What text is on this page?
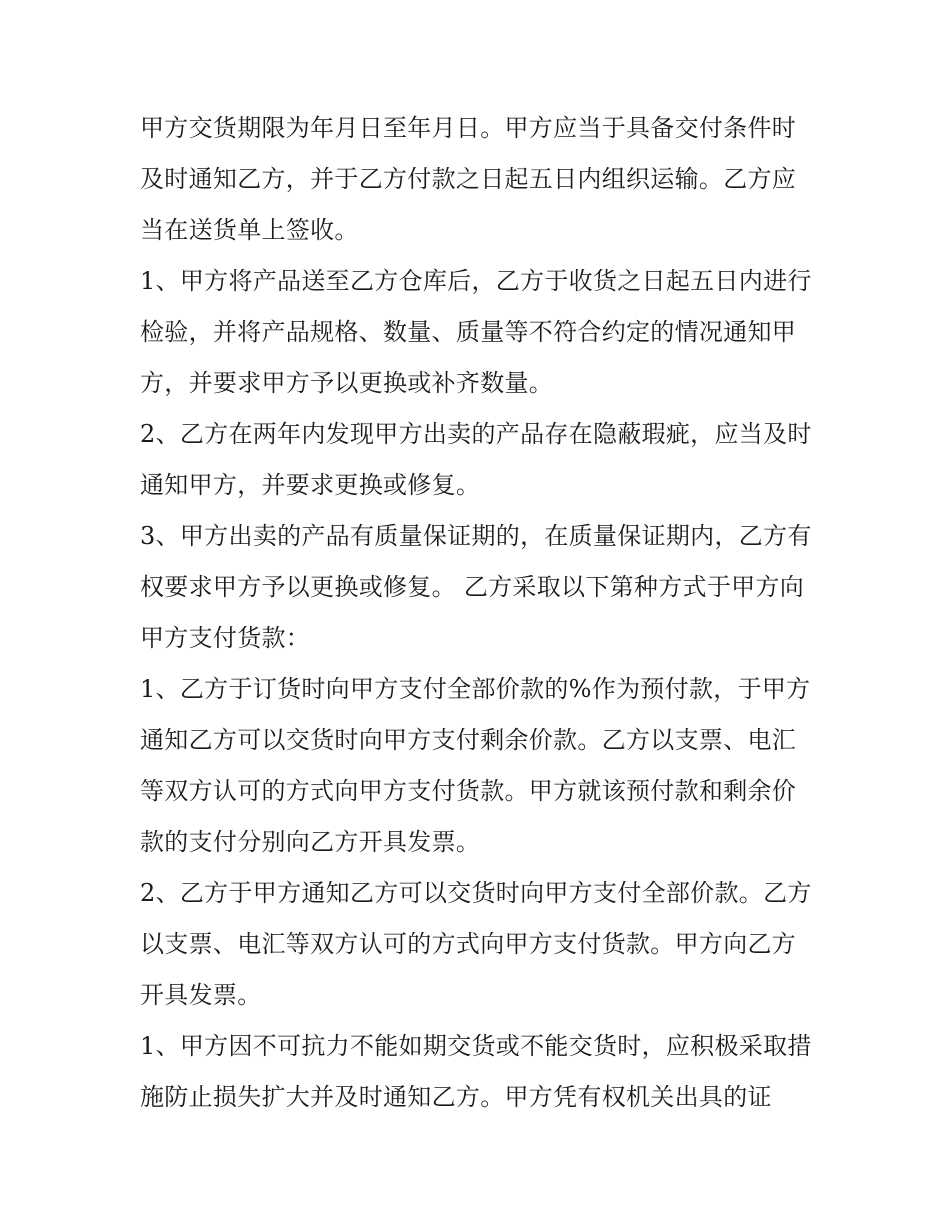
甲方交货期限为年月日至年月日。甲方应当于具备交付条件时及时通知乙方，并于乙方付款之日起五日内组织运输。乙方应当在送货单上签收。

1、甲方将产品送至乙方仓库后，乙方于收货之日起五日内进行检验，并将产品规格、数量、质量等不符合约定的情况通知甲方，并要求甲方予以更换或补齐数量。

2、乙方在两年内发现甲方出卖的产品存在隐蔽瑕疵，应当及时通知甲方，并要求更换或修复。

3、甲方出卖的产品有质量保证期的，在质量保证期内，乙方有权要求甲方予以更换或修复。 乙方采取以下第种方式于甲方向甲方支付货款：

1、乙方于订货时向甲方支付全部价款的%作为预付款，于甲方通知乙方可以交货时向甲方支付剩余价款。乙方以支票、电汇等双方认可的方式向甲方支付货款。甲方就该预付款和剩余价款的支付分别向乙方开具发票。

2、乙方于甲方通知乙方可以交货时向甲方支付全部价款。乙方以支票、电汇等双方认可的方式向甲方支付货款。甲方向乙方开具发票。

1、甲方因不可抗力不能如期交货或不能交货时，应积极采取措施防止损失扩大并及时通知乙方。甲方凭有权机关出具的证
